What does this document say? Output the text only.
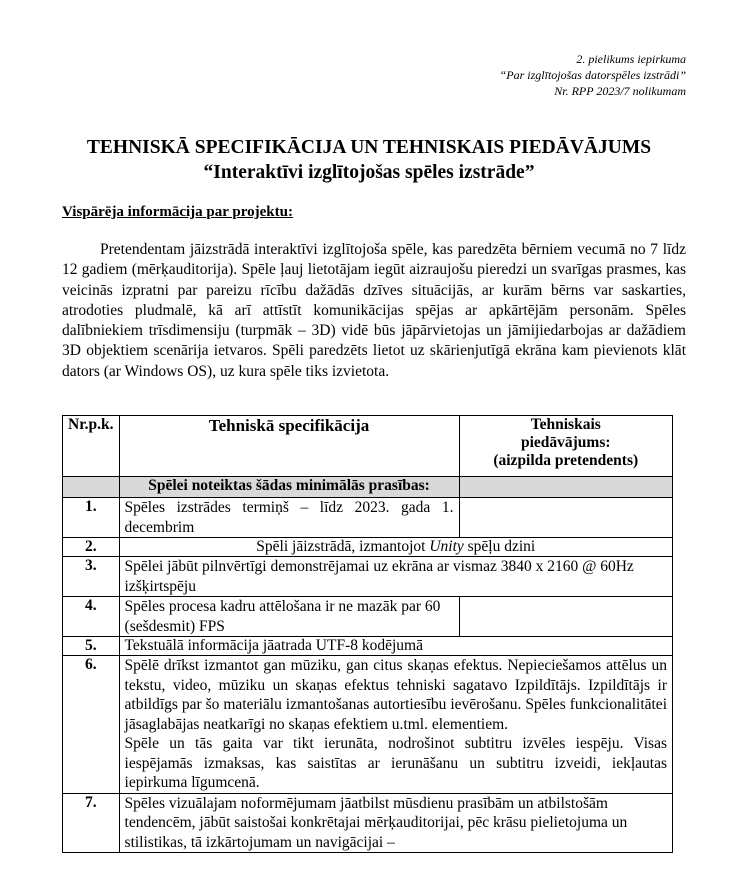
2. pielikums iepirkuma
“Par izglītojošas datorspēles izstrādi”
Nr. RPP 2023/7 nolikumam
TEHNISKĀ SPECIFIKĀCIJA UN TEHNISKAIS PIEDĀVĀJUMS
“Interaktīvi izglītojošas spēles izstrāde”
Vispārēja informācija par projektu:

Pretendentam jāizstrādā interaktīvi izglītojoša spēle, kas paredzēta bērniem vecumā no 7 līdz 12 gadiem (mērķauditorija). Spēle ļauj lietotājam iegūt aizraujošu pieredzi un svarīgas prasmes, kas veicinās izpratni par pareizu rīcību dažādās dzīves situācijās, ar kurām bērns var saskarties, atrodoties pludmalē, kā arī attīstīt komunikācijas spējas ar apkārtējām personām. Spēles dalībniekiem trīsdimensiju (turpmāk – 3D) vidē būs jāpārvietojas un jāmijiedarbojas ar dažādiem 3D objektiem scenārija ietvaros. Spēli paredzēts lietot uz skārienjutīgā ekrāna kam pievienots klāt dators (ar Windows OS), uz kura spēle tiks izvietota.

Nr.p.k.	Tehniskā specifikācija	Tehniskais
piedāvājums:
(aizpilda pretendents)

	Spēlei noteiktas šādas minimālās prasības:	
1.	Spēles izstrādes termiņš – līdz 2023. gada 1. decembrim	
2.	Spēli jāizstrādā, izmantojot Unity spēļu dzini	
3.	Spēlei jābūt pilnvērtīgi demonstrējamai uz ekrāna ar vismaz 3840 x 2160 @ 60Hz izšķirtspēju	
4.	Spēles procesa kadru attēlošana ir ne mazāk par 60 (sešdesmit) FPS	
5.	Tekstuālā informācija jāatrada UTF-8 kodējumā	
6.	Spēlē drīkst izmantot gan mūziku, gan citus skaņas efektus. Nepieciešamos attēlus un tekstu, video, mūziku un skaņas efektus tehniski sagatavo Izpildītājs. Izpildītājs ir atbildīgs par šo materiālu izmantošanas autortiesību ievērošanu. Spēles funkcionalitātei jāsaglabājas neatkarīgi no skaņas efektiem u.tml. elementiem.
Spēle un tās gaita var tikt ierunāta, nodrošinot subtitru izvēles iespēju. Visas iespējamās izmaksas, kas saistītas ar ierunāšanu un subtitru izveidi, iekļautas iepirkuma līgumcenā.	

7.	Spēles vizuālajam noformējumam jāatbilst mūsdienu prasībām un atbilstošām tendencēm, jābūt saistošai konkrētajai mērķauditorijai, pēc krāsu pielietojuma un stilistikas, tā izkārtojumam un navigācijai –	
